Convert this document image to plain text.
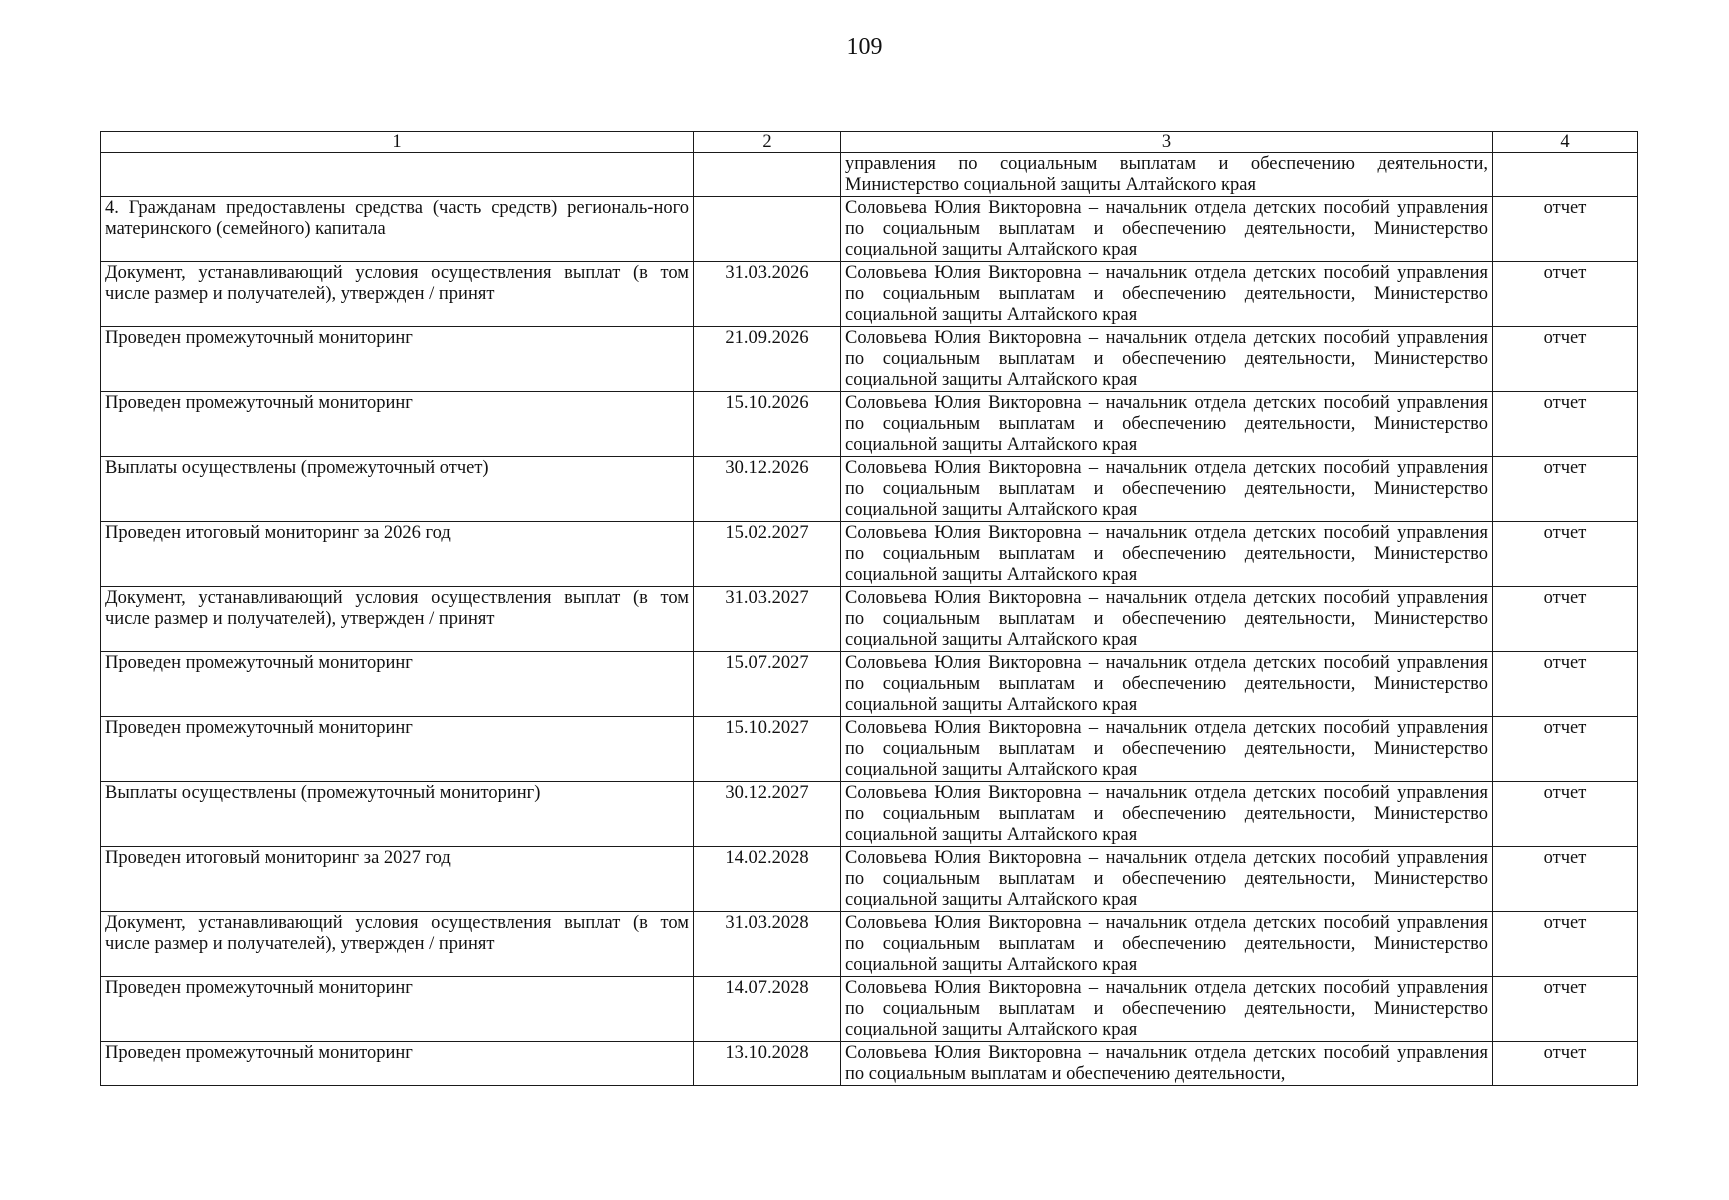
109
1	2	3	4
		управления по социальным выплатам и обеспечению деятельности, Министерство социальной защиты Алтайского края	
4. Гражданам предоставлены средства (часть средств) региональ-ного материнского (семейного) капитала		Соловьева Юлия Викторовна – начальник отдела детских пособий управления по социальным выплатам и обеспечению деятельности, Министерство социальной защиты Алтайского края	отчет
Документ, устанавливающий условия осуществления выплат (в том числе размер и получателей), утвержден / принят	31.03.2026	Соловьева Юлия Викторовна – начальник отдела детских пособий управления по социальным выплатам и обеспечению деятельности, Министерство социальной защиты Алтайского края	отчет
Проведен промежуточный мониторинг	21.09.2026	Соловьева Юлия Викторовна – начальник отдела детских пособий управления по социальным выплатам и обеспечению деятельности, Министерство социальной защиты Алтайского края	отчет
Проведен промежуточный мониторинг	15.10.2026	Соловьева Юлия Викторовна – начальник отдела детских пособий управления по социальным выплатам и обеспечению деятельности, Министерство социальной защиты Алтайского края	отчет
Выплаты осуществлены (промежуточный отчет)	30.12.2026	Соловьева Юлия Викторовна – начальник отдела детских пособий управления по социальным выплатам и обеспечению деятельности, Министерство социальной защиты Алтайского края	отчет
Проведен итоговый мониторинг за 2026 год	15.02.2027	Соловьева Юлия Викторовна – начальник отдела детских пособий управления по социальным выплатам и обеспечению деятельности, Министерство социальной защиты Алтайского края	отчет
Документ, устанавливающий условия осуществления выплат (в том числе размер и получателей), утвержден / принят	31.03.2027	Соловьева Юлия Викторовна – начальник отдела детских пособий управления по социальным выплатам и обеспечению деятельности, Министерство социальной защиты Алтайского края	отчет
Проведен промежуточный мониторинг	15.07.2027	Соловьева Юлия Викторовна – начальник отдела детских пособий управления по социальным выплатам и обеспечению деятельности, Министерство социальной защиты Алтайского края	отчет
Проведен промежуточный мониторинг	15.10.2027	Соловьева Юлия Викторовна – начальник отдела детских пособий управления по социальным выплатам и обеспечению деятельности, Министерство социальной защиты Алтайского края	отчет
Выплаты осуществлены (промежуточный мониторинг)	30.12.2027	Соловьева Юлия Викторовна – начальник отдела детских пособий управления по социальным выплатам и обеспечению деятельности, Министерство социальной защиты Алтайского края	отчет
Проведен итоговый мониторинг за 2027 год	14.02.2028	Соловьева Юлия Викторовна – начальник отдела детских пособий управления по социальным выплатам и обеспечению деятельности, Министерство социальной защиты Алтайского края	отчет
Документ, устанавливающий условия осуществления выплат (в том числе размер и получателей), утвержден / принят	31.03.2028	Соловьева Юлия Викторовна – начальник отдела детских пособий управления по социальным выплатам и обеспечению деятельности, Министерство социальной защиты Алтайского края	отчет
Проведен промежуточный мониторинг	14.07.2028	Соловьева Юлия Викторовна – начальник отдела детских пособий управления по социальным выплатам и обеспечению деятельности, Министерство социальной защиты Алтайского края	отчет
Проведен промежуточный мониторинг	13.10.2028	Соловьева Юлия Викторовна – начальник отдела детских пособий управления по социальным выплатам и обеспечению деятельности,	отчет
